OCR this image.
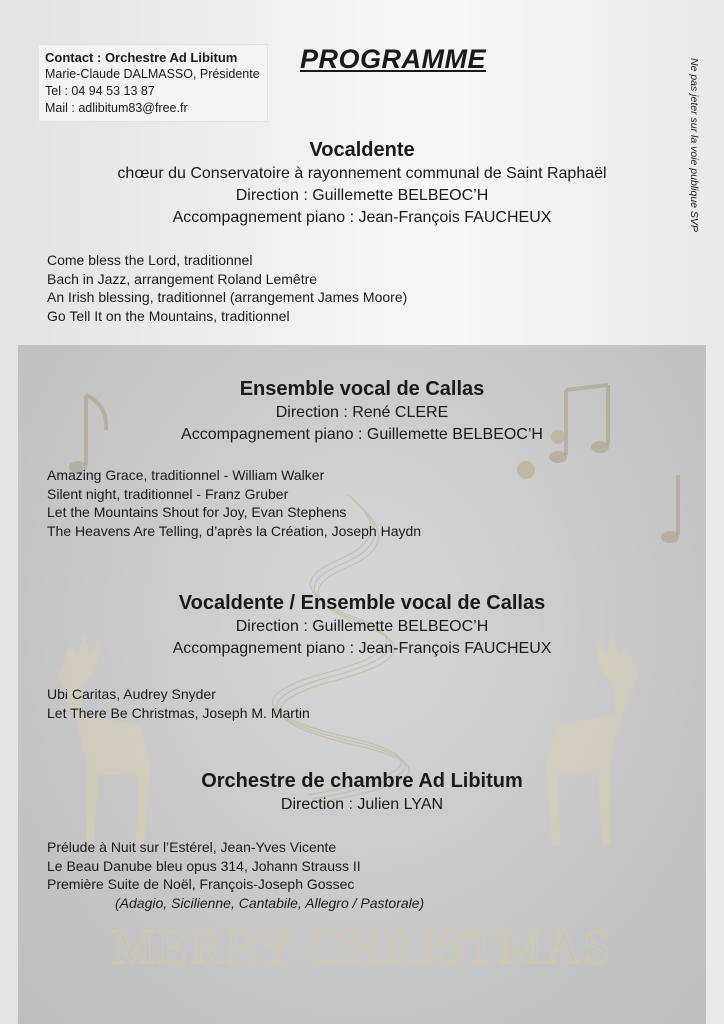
MERRY CHRISTMAS
Contact : Orchestre Ad Libitum
Marie-Claude DALMASSO, Présidente
Tel : 04 94 53 13 87
Mail : adlibitum83@free.fr
PROGRAMME	Ne pas jeter sur la voie publique SVP
Vocaldente
chœur du Conservatoire à rayonnement communal de Saint Raphaël
Direction : Guillemette BELBEOC’H
Accompagnement piano : Jean-François FAUCHEUX
Come bless the Lord, traditionnel
Bach in Jazz, arrangement Roland Lemêtre
An Irish blessing, traditionnel (arrangement James Moore)
Go Tell It on the Mountains, traditionnel
Ensemble vocal de Callas
Direction : René CLERE
Accompagnement piano : Guillemette BELBEOC’H
Amazing Grace, traditionnel - William Walker
Silent night, traditionnel - Franz Gruber
Let the Mountains Shout for Joy, Evan Stephens
The Heavens Are Telling, d’après la Création, Joseph Haydn
Vocaldente / Ensemble vocal de Callas
Direction : Guillemette BELBEOC’H
Accompagnement piano : Jean-François FAUCHEUX
Ubi Caritas, Audrey Snyder
Let There Be Christmas, Joseph M. Martin
Orchestre de chambre Ad Libitum
Direction : Julien LYAN
Prélude à Nuit sur l’Estérel, Jean-Yves Vicente
Le Beau Danube bleu opus 314, Johann Strauss II
Première Suite de Noël, François-Joseph Gossec
(Adagio, Sicilienne, Cantabile, Allegro / Pastorale)
